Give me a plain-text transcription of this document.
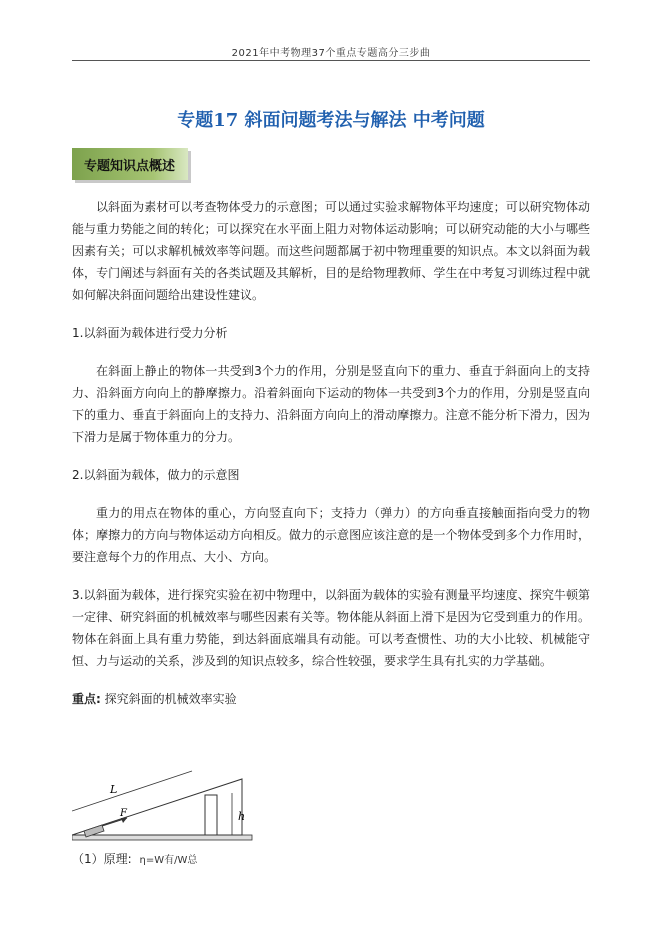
2021年中考物理37个重点专题高分三步曲
专题17 斜面问题考法与解法 中考问题
专题知识点概述

以斜面为素材可以考查物体受力的示意图；可以通过实验求解物体平均速度；可以研究物体动能与重力势能之间的转化；可以探究在水平面上阻力对物体运动影响；可以研究动能的大小与哪些因素有关；可以求解机械效率等问题。而这些问题都属于初中物理重要的知识点。本文以斜面为载体，专门阐述与斜面有关的各类试题及其解析，目的是给物理教师、学生在中考复习训练过程中就如何解决斜面问题给出建设性建议。

1.以斜面为载体进行受力分析

在斜面上静止的物体一共受到3个力的作用，分别是竖直向下的重力、垂直于斜面向上的支持力、沿斜面方向向上的静摩擦力。沿着斜面向下运动的物体一共受到3个力的作用，分别是竖直向下的重力、垂直于斜面向上的支持力、沿斜面方向向上的滑动摩擦力。注意不能分析下滑力，因为下滑力是属于物体重力的分力。

2.以斜面为载体，做力的示意图

重力的用点在物体的重心，方向竖直向下；支持力（弹力）的方向垂直接触面指向受力的物体；摩擦力的方向与物体运动方向相反。做力的示意图应该注意的是一个物体受到多个力作用时，要注意每个力的作用点、大小、方向。

3.以斜面为载体，进行探究实验在初中物理中，以斜面为载体的实验有测量平均速度、探究牛顿第一定律、研究斜面的机械效率与哪些因素有关等。物体能从斜面上滑下是因为它受到重力的作用。物体在斜面上具有重力势能，到达斜面底端具有动能。可以考查惯性、功的大小比较、机械能守恒、力与运动的关系，涉及到的知识点较多，综合性较强，要求学生具有扎实的力学基础。

重点: 探究斜面的机械效率实验

F
L
h
（1）原理: η=W有/W总
